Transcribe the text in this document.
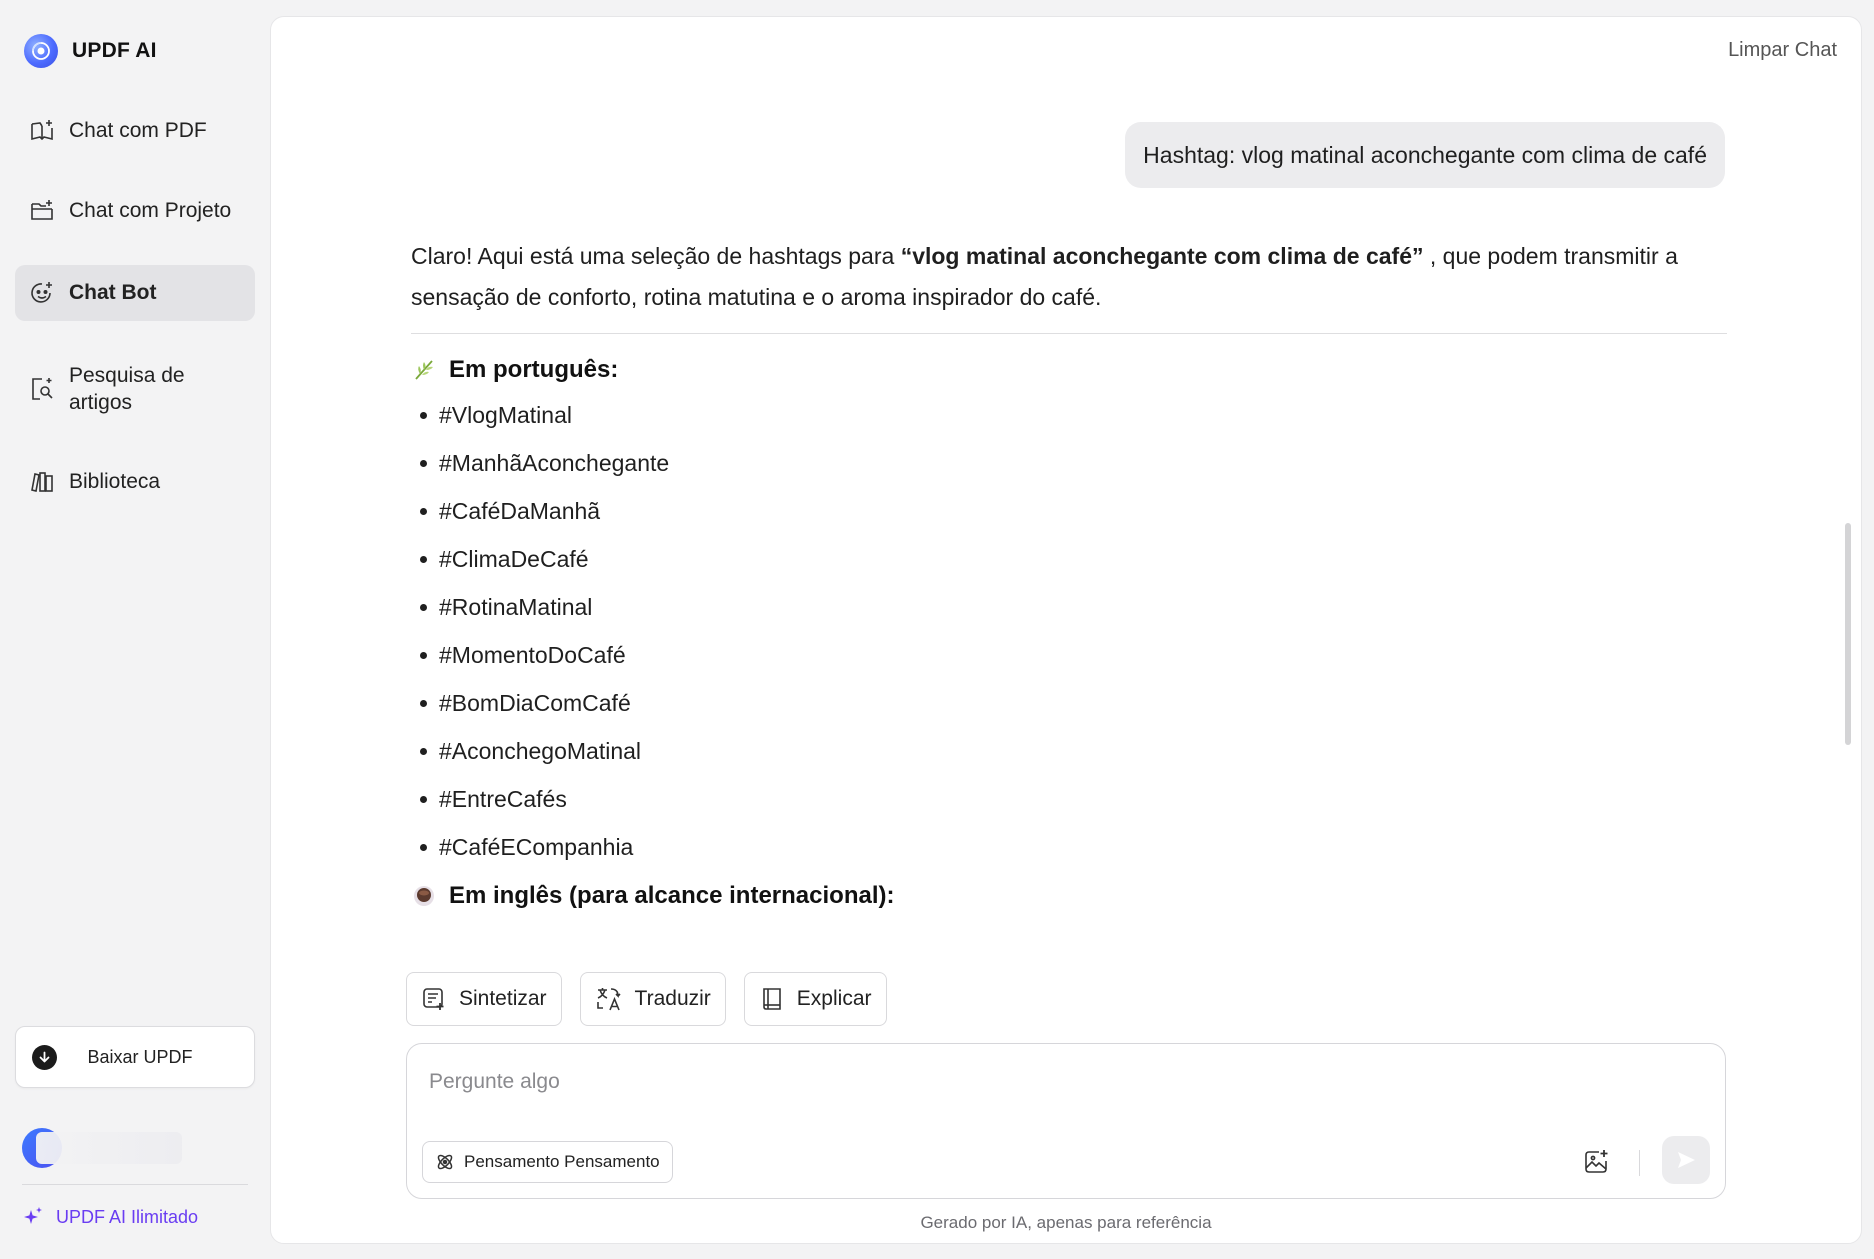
UPDF AI
Chat com PDF
Chat com Projeto
Chat Bot
Pesquisa de
artigos
Biblioteca
Baixar UPDF
UPDF AI Ilimitado
Limpar Chat
Hashtag: vlog matinal aconchegante com clima de café

Claro! Aqui está uma seleção de hashtags para “vlog matinal aconchegante com clima de café” , que podem transmitir a sensação de conforto, rotina matutina e o aroma inspirador do café.

Em português:
#VlogMatinal
#ManhãAconchegante
#CaféDaManhã
#ClimaDeCafé
#RotinaMatinal
#MomentoDoCafé
#BomDiaComCafé
#AconchegoMatinal
#EntreCafés
#CaféECompanhia
Em inglês (para alcance internacional):
Sintetizar	Traduzir	Explicar
Pergunte algo
Pensamento Pensamento
Gerado por IA, apenas para referência
